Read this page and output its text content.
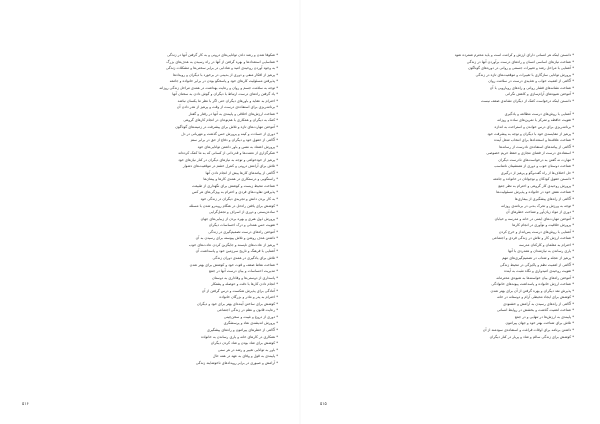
* شکوفا شدن و رشد دادن توانایی‌های درونی و به کار گرفتن آنها در زندگی
* شناسایی استعدادها و بهره گرفتن از آنها در راه رسیدن به هدف‌های بزرگ
* به وجود آوردن روحیه‌ی امید و شادابی در برابر سختی‌ها و مشکلات زندگی
* پرهیز از افکار منفی و دوری از بدبینی در برخورد با دیگران و رویدادها
* پذیرفتن مسئولیت کارهای خود و پاسخگو بودن در برابر خانواده و جامعه
* توجه به سلامت جسم و روان و رعایت بهداشت در همه‌ی مراحل زندگی روزانه
* یاد گرفتن راه‌های درست ارتباط با دیگران و گوش دادن به سخنان آنها
* احترام به عقاید و باورهای دیگران حتی اگر با نظر ما یکسان نباشد
* برنامه‌ریزی برای استفاده‌ی درست از وقت و پرهیز از هدر دادن آن
* شناخت ارزش‌های اخلاقی و پایبندی به آنها در رفتار و گفتار
* کمک به دیگران و همکاری با هم‌نوعان در انجام کارهای گروهی
* آموختن مهارت‌های تازه و تلاش برای پیشرفت در زمینه‌های گوناگون
* دوری از حسادت و کینه و پرورش حس گذشت و مهربانی در دل
* آگاهی از حقوق خود و دیگران و دفاع از حق در برابر ستم
* پرورش اعتماد به نفس و باور داشتن توانایی‌های خود
* شکرگزاری از نعمت‌ها و قدردانی از کسانی که به ما کمک کرده‌اند
* پرهیز از خودخواهی و توجه به نیازهای دیگران در کنار نیازهای خود
* تلاش برای آرامش درونی و کنترل خشم در موقعیت‌های دشوار
* آگاهی از پیامدهای کارها پیش از انجام دادن آنها
* راستگویی و درستکاری در همه‌ی کارها و پیمان‌ها
* شناخت محیط زیست و کوشش برای نگهداری از طبیعت
* پذیرفتن تفاوت‌های فردی و احترام به ویژگی‌های هر کس
* به کار بردن دانش و تجربه‌ی دیگران در زندگی خود
* کوشش برای یافتن راه‌حل در هنگام روبه‌رو شدن با مسئله
* ساده‌زیستی و دوری از اسراف و تجمل‌گرایی
* پرورش ذوق هنری و بهره بردن از زیبایی‌های جهان
* تقویت حس همدلی و درک احساسات دیگران
* آموختن راه‌های درست تصمیم‌گیری در زندگی
* داشتن هدف روشن و تلاش پیوسته برای رسیدن به آن
* پرهیز از عادت‌های ناپسند و جایگزین کردن عادت‌های خوب
* آشنایی با فرهنگ و تاریخ سرزمین خود و پاسداشت آن
* تلاش برای یادگیری در همه‌ی دوران زندگی
* شناخت نقاط ضعف و قوت خود و کوشش برای بهتر شدن
* مدیریت احساسات و بیان درست آنها در جمع
* پاسداری از دوستی‌ها و وفاداری به دوستان
* انجام دادن کارها با دقت و حوصله و پشتکار
* آمادگی برای پذیرش شکست و درس گرفتن از آن
* احترام به پدر و مادر و بزرگان خانواده
* کوشش برای ساختن آینده‌ای بهتر برای خود و دیگران
* رعایت قانون و نظم در زندگی اجتماعی
* دوری از دروغ و غیبت و سخن‌چینی
* پرورش اندیشه‌ی نقاد و پرسشگری
* آگاهی از خطرهای پیرامون و راه‌های پیشگیری
* همکاری در کارهای خانه و یاری رساندن به خانواده
* کوشش برای شاد بودن و شاد کردن دیگران
* باور به توانایی تغییر و رشد در هر سنی
* پایبندی به قول و وفای به عهد در همه حال
* آرامش و صبوری در برابر رویدادهای ناخوشایند زندگی
۵۱۶
* دانستن اینکه هر انسانی دارای ارزش و کرامت است و باید محترم شمرده شود
* شناخت نیازهای اساسی انسان و راه‌های درست برآوردن آنها در زندگی
* آشنایی با مراحل رشد و تغییرات جسمی و روانی در دوره‌های گوناگون
* پرورش توانایی سازگاری با تغییرات و موقعیت‌های تازه در زندگی
* آگاهی از اهمیت خواب و تغذیه‌ی درست در سلامت روان
* شناخت نشانه‌های فشار روانی و راه‌های رویارویی با آن
* آموختن شیوه‌های آرام‌سازی و کاهش نگرانی
* دانستن اینکه درخواست کمک از دیگران نشانه‌ی ضعف نیست
* آشنایی با روش‌های درست مطالعه و یادگیری
* تقویت حافظه و تمرکز با تمرین‌های ساده و روزانه
* برنامه‌ریزی برای درس خواندن و استراحت به اندازه
* پرهیز از مقایسه‌ی خود با دیگران و توجه به پیشرفت خود
* شناخت علاقه‌ها و استعدادها برای انتخاب شغل آینده
* آگاهی از پیامدهای استفاده‌ی نادرست از رسانه‌ها
* استفاده‌ی درست از فضای مجازی و حفظ حریم خصوصی
* مهارت نه گفتن به درخواست‌های نادرست دیگران
* شناخت دوستان خوب و دوری از همنشینان نامناسب
* حل اختلاف‌ها از راه گفت‌وگو و پرهیز از درگیری
* دانستن حقوق کودکان و نوجوانان در خانواده و جامعه
* پرورش روحیه‌ی کار گروهی و احترام به نظر جمع
* شناخت نقش خود در خانواده و پذیرش مسئولیت‌ها
* آگاهی از راه‌های پیشگیری از بیماری‌ها
* توجه به ورزش و تحرک بدنی در برنامه‌ی روزانه
* دوری از مواد زیان‌آور و شناخت خطرهای آن
* آموختن مهارت‌های ایمنی در خانه و مدرسه و خیابان
* پرورش خلاقیت و نوآوری در انجام کارها
* آشنایی با روش‌های درست پس‌انداز و خرج کردن
* شناخت ارزش کار و تلاش در زندگی فردی و اجتماعی
* احترام به معلمان و کارکنان مدرسه
* یاری رساندن به نیازمندان و همدردی با آنها
* پرهیز از عجله و شتاب در تصمیم‌گیری‌های مهم
* آگاهی از اهمیت نظم و پاکیزگی در محیط زندگی
* تقویت روحیه‌ی امیدواری و نگاه مثبت به آینده
* آموختن راه‌های بیان خواسته‌ها به شیوه‌ی محترمانه
* شناخت ارزش خانواده و پاسداشت پیوندهای خانوادگی
* پذیرش نقد دیگران و بهره گرفتن از آن برای بهتر شدن
* کوشش برای ایجاد محیطی آرام و دوستانه در خانه
* آگاهی از راه‌های رسیدن به آرامش و خشنودی
* شناخت اهمیت گذشت و بخشش در روابط انسانی
* پایبندی به ارزش‌ها در تنهایی و در جمع
* تلاش برای شناخت بهتر خود و جهان پیرامون
* داشتن برنامه برای اوقات فراغت و استفاده‌ی سودمند از آن
* کوشش برای زندگی سالم و شاد و پربار در کنار دیگران
۵۱۵
